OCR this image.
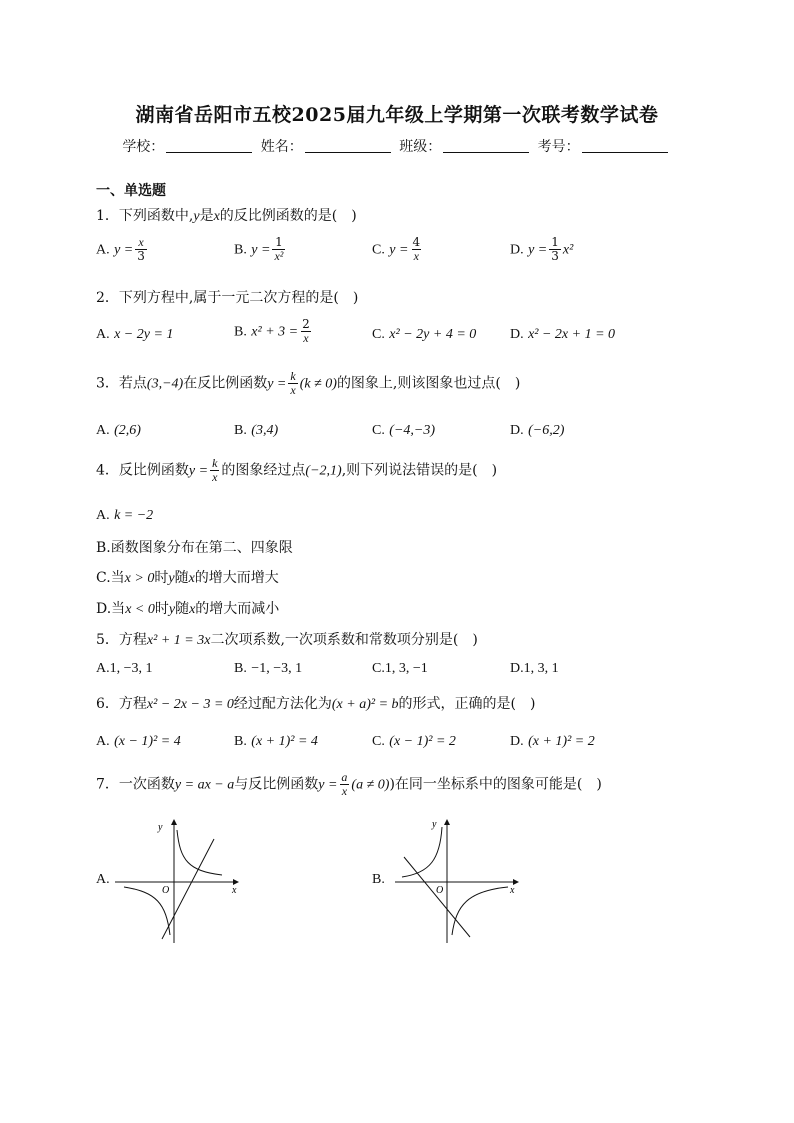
湖南省岳阳市五校2025届九年级上学期第一次联考数学试卷
学校：	姓名：	班级：	考号：
一、单选题
1．下列函数中,y是x的反比例函数的是(　)
A. $y = \frac{x}{3}$	B. $y = \frac{1}{\text{x²}}$	C. $y = \frac{4}{x}$	D. $y = \frac{1}{3} x^2$
2．下列方程中,属于一元二次方程的是(　)
A. x − 2y = 1	B. $x^2 + 3 = \frac{2}{x}$	C. x² − 2y + 4 = 0 D. x² − 2x + 1 = 0
3．若点(3,−4)在反比例函数$y = \frac{k}{x} (k \ne 0)$的图象上,则该图象也过点(　)
A. (2,6)	B. (3,4)	C. (−4,−3)	D. (−6,2)
4．反比例函数$y = \frac{k}{x}$ 的图象经过点(−2,1),则下列说法错误的是(　)
A. k = −2
B.函数图象分布在第二、四象限
C.当x > 0时y随x的增大而增大
D.当x < 0时y随x的增大而减小
5．方程x² + 1 = 3x二次项系数,一次项系数和常数项分别是(　)
A.1, −3, 1	B. −1, −3, 1	C.1, 3, −1	D.1, 3, 1
6．方程x² − 2x − 3 = 0经过配方法化为(x + a)² = b的形式，正确的是(　)
A. (x − 1)² = 4	B. (x + 1)² = 4	C. (x − 1)² = 2	D. (x + 1)² = 2
7．一次函数y = ax − a与反比例函数$y = \frac{a}{x} (a \ne 0)$)在同一坐标系中的图象可能是(　)
A.
y
x
O
B.
y
x
O
